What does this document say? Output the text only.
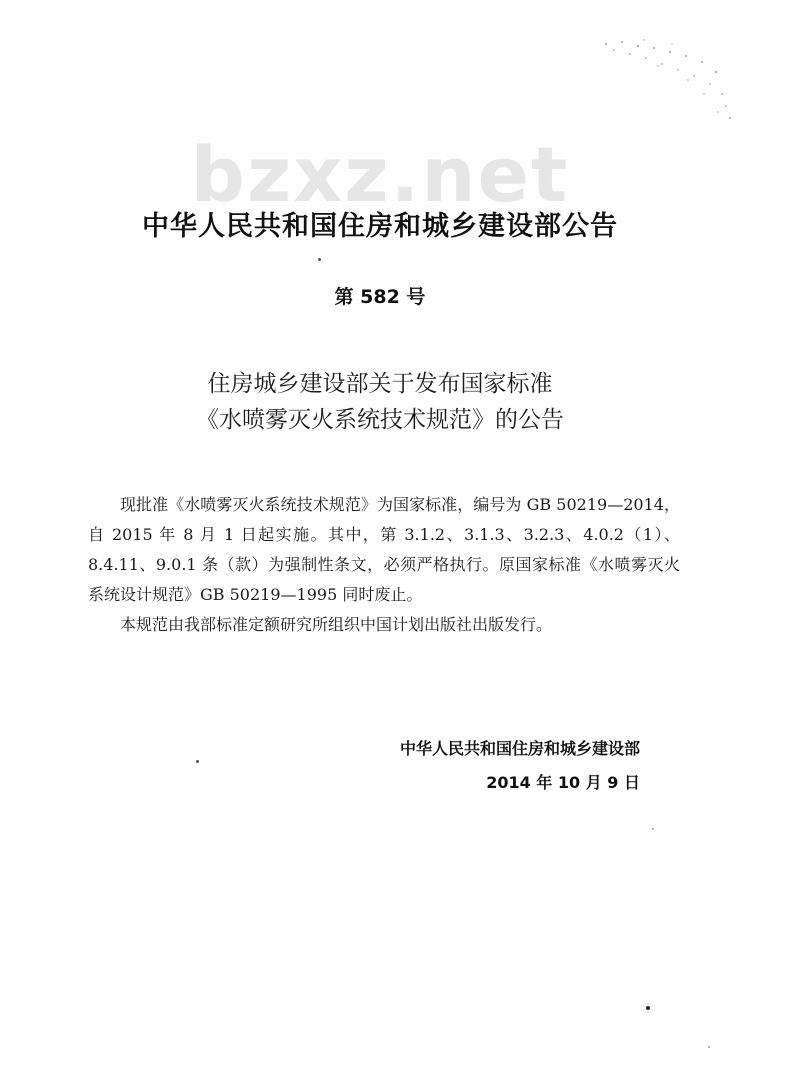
bzxz.net
中华人民共和国住房和城乡建设部公告
第 582 号
住房城乡建设部关于发布国家标准
《水喷雾灭火系统技术规范》的公告

现批准《水喷雾灭火系统技术规范》为国家标准，编号为 GB 50219—2014，自 2015 年 8 月 1 日起实施。其中，第 3.1.2、3.1.3、3.2.3、4.0.2（1）、8.4.11、9.0.1 条（款）为强制性条文，必须严格执行。原国家标准《水喷雾灭火系统设计规范》GB 50219—1995 同时废止。

本规范由我部标准定额研究所组织中国计划出版社出版发行。

中华人民共和国住房和城乡建设部
2014 年 10 月 9 日
